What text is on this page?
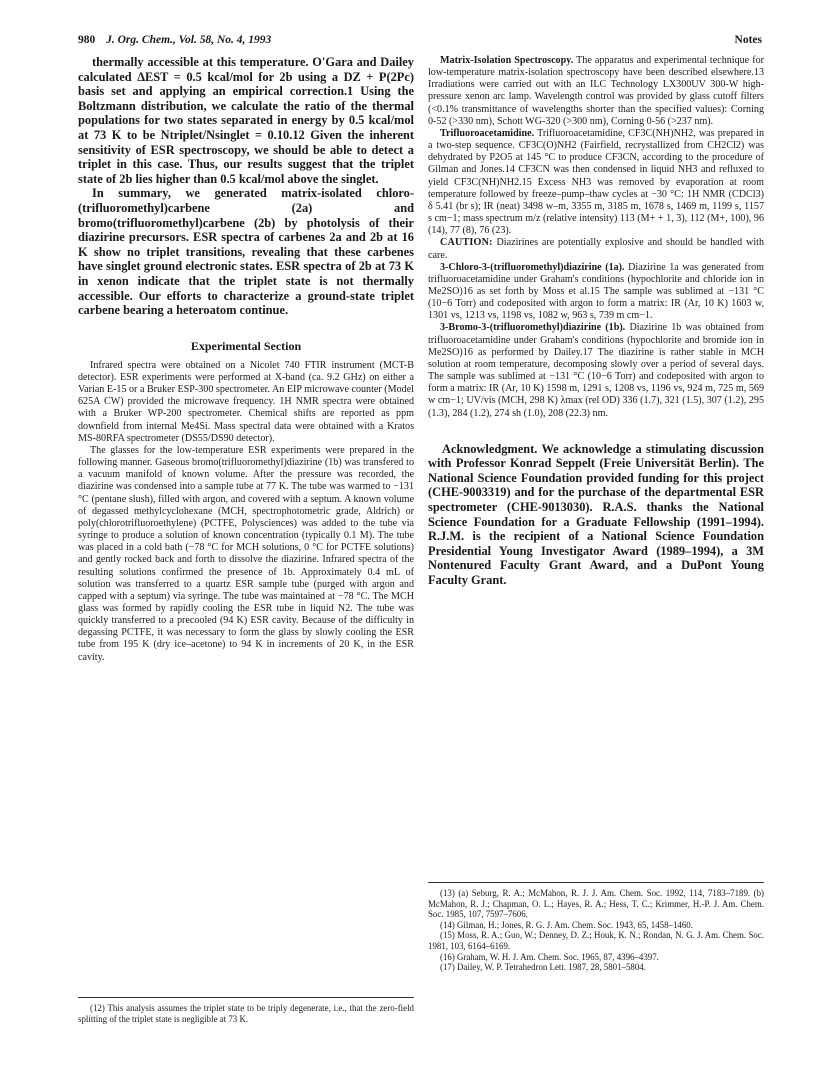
980 J. Org. Chem., Vol. 58, No. 4, 1993	Notes

thermally accessible at this temperature. O'Gara and Dailey calculated ΔEST = 0.5 kcal/mol for 2b using a DZ + P(2Pc) basis set and applying an empirical correction.1 Using the Boltzmann distribution, we calculate the ratio of the thermal populations for two states separated in energy by 0.5 kcal/mol at 73 K to be Ntriplet/Nsinglet = 0.10.12 Given the inherent sensitivity of ESR spectroscopy, we should be able to detect a triplet in this case. Thus, our results suggest that the triplet state of 2b lies higher than 0.5 kcal/mol above the singlet.

In summary, we generated matrix-isolated chloro-(trifluoromethyl)carbene (2a) and bromo(trifluoromethyl)carbene (2b) by photolysis of their diazirine precursors. ESR spectra of carbenes 2a and 2b at 16 K show no triplet transitions, revealing that these carbenes have singlet ground electronic states. ESR spectra of 2b at 73 K in xenon indicate that the triplet state is not thermally accessible. Our efforts to characterize a ground-state triplet carbene bearing a heteroatom continue.

Experimental Section

Infrared spectra were obtained on a Nicolet 740 FTIR instrument (MCT-B detector). ESR experiments were performed at X-band (ca. 9.2 GHz) on either a Varian E-15 or a Bruker ESP-300 spectrometer. An EIP microwave counter (Model 625A CW) provided the microwave frequency. 1H NMR spectra were obtained with a Bruker WP-200 spectrometer. Chemical shifts are reported as ppm downfield from internal Me4Si. Mass spectral data were obtained with a Kratos MS-80RFA spectrometer (DS55/DS90 detector).

The glasses for the low-temperature ESR experiments were prepared in the following manner. Gaseous bromo(trifluoromethyl)diazirine (1b) was transfered to a vacuum manifold of known volume. After the pressure was recorded, the diazirine was condensed into a sample tube at 77 K. The tube was warmed to −131 °C (pentane slush), filled with argon, and covered with a septum. A known volume of degassed methylcyclohexane (MCH, spectrophotometric grade, Aldrich) or poly(chlorotrifluoroethylene) (PCTFE, Polysciences) was added to the tube via syringe to produce a solution of known concentration (typically 0.1 M). The tube was placed in a cold bath (−78 °C for MCH solutions, 0 °C for PCTFE solutions) and gently rocked back and forth to dissolve the diazirine. Infrared spectra of the resulting solutions confirmed the presence of 1b. Approximately 0.4 mL of solution was transferred to a quartz ESR sample tube (purged with argon and capped with a septum) via syringe. The tube was maintained at −78 °C. The MCH glass was formed by rapidly cooling the ESR tube in liquid N2. The tube was quickly transferred to a precooled (94 K) ESR cavity. Because of the difficulty in degassing PCTFE, it was necessary to form the glass by slowly cooling the ESR tube from 195 K (dry ice–acetone) to 94 K in increments of 20 K, in the ESR cavity.

(12) This analysis assumes the triplet state to be triply degenerate, i.e., that the zero-field splitting of the triplet state is negligible at 73 K.

Matrix-Isolation Spectroscopy. The apparatus and experimental technique for low-temperature matrix-isolation spectroscopy have been described elsewhere.13 Irradiations were carried out with an ILC Technology LX300UV 300-W high-pressure xenon arc lamp. Wavelength control was provided by glass cutoff filters (<0.1% transmittance of wavelengths shorter than the specified values): Corning 0-52 (>330 nm), Schott WG-320 (>300 nm), Corning 0-56 (>237 nm).

Trifluoroacetamidine. Trifluoroacetamidine, CF3C(NH)NH2, was prepared in a two-step sequence. CF3C(O)NH2 (Fairfield, recrystallized from CH2Cl2) was dehydrated by P2O5 at 145 °C to produce CF3CN, according to the procedure of Gilman and Jones.14 CF3CN was then condensed in liquid NH3 and refluxed to yield CF3C(NH)NH2.15 Excess NH3 was removed by evaporation at room temperature followed by freeze–pump–thaw cycles at −30 °C: 1H NMR (CDCl3) δ 5.41 (br s); IR (neat) 3498 w–m, 3355 m, 3185 m, 1678 s, 1469 m, 1199 s, 1157 s cm−1; mass spectrum m/z (relative intensity) 113 (M+ + 1, 3), 112 (M+, 100), 96 (14), 77 (8), 76 (23).

CAUTION: Diazirines are potentially explosive and should be handled with care.

3-Chloro-3-(trifluoromethyl)diazirine (1a). Diazirine 1a was generated from trifluoroacetamidine under Graham's conditions (hypochlorite and chloride ion in Me2SO)16 as set forth by Moss et al.15 The sample was sublimed at −131 °C (10−6 Torr) and codeposited with argon to form a matrix: IR (Ar, 10 K) 1603 w, 1301 vs, 1213 vs, 1198 vs, 1082 w, 963 s, 739 m cm−1.

3-Bromo-3-(trifluoromethyl)diazirine (1b). Diazirine 1b was obtained from trifluoroacetamidine under Graham's conditions (hypochlorite and bromide ion in Me2SO)16 as performed by Dailey.17 The diazirine is rather stable in MCH solution at room temperature, decomposing slowly over a period of several days. The sample was sublimed at −131 °C (10−6 Torr) and codeposited with argon to form a matrix: IR (Ar, 10 K) 1598 m, 1291 s, 1208 vs, 1196 vs, 924 m, 725 m, 569 w cm−1; UV/vis (MCH, 298 K) λmax (rel OD) 336 (1.7), 321 (1.5), 307 (1.2), 295 (1.3), 284 (1.2), 274 sh (1.0), 208 (22.3) nm.

Acknowledgment. We acknowledge a stimulating discussion with Professor Konrad Seppelt (Freie Universität Berlin). The National Science Foundation provided funding for this project (CHE-9003319) and for the purchase of the departmental ESR spectrometer (CHE-9013030). R.A.S. thanks the National Science Foundation for a Graduate Fellowship (1991–1994). R.J.M. is the recipient of a National Science Foundation Presidential Young Investigator Award (1989–1994), a 3M Nontenured Faculty Grant Award, and a DuPont Young Faculty Grant.

(13) (a) Seburg, R. A.; McMahon, R. J. J. Am. Chem. Soc. 1992, 114, 7183–7189. (b) McMahon, R. J.; Chapman, O. L.; Hayes, R. A.; Hess, T. C.; Krimmer, H.-P. J. Am. Chem. Soc. 1985, 107, 7597–7606.

(14) Gilman, H.; Jones, R. G. J. Am. Chem. Soc. 1943, 65, 1458–1460.

(15) Moss, R. A.; Guo, W.; Denney, D. Z.; Houk, K. N.; Rondan, N. G. J. Am. Chem. Soc. 1981, 103, 6164–6169.

(16) Graham, W. H. J. Am. Chem. Soc. 1965, 87, 4396–4397.

(17) Dailey, W. P. Tetrahedron Lett. 1987, 28, 5801–5804.
